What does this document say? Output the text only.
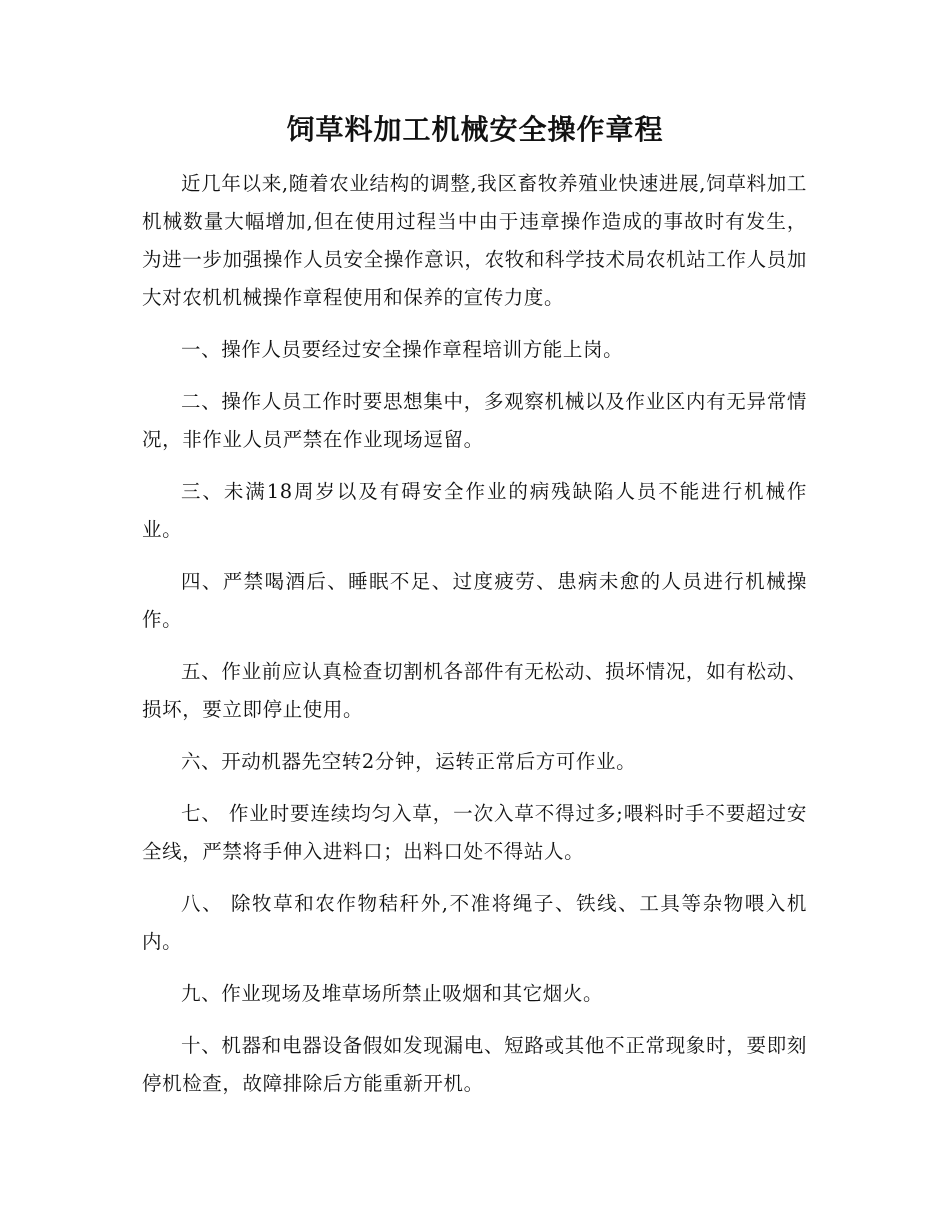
饲草料加工机械安全操作章程

近几年以来,随着农业结构的调整,我区畜牧养殖业快速进展,饲草料加工机械数量大幅增加,但在使用过程当中由于违章操作造成的事故时有发生，为进一步加强操作人员安全操作意识，农牧和科学技术局农机站工作人员加大对农机机械操作章程使用和保养的宣传力度。

一、操作人员要经过安全操作章程培训方能上岗。

二、操作人员工作时要思想集中，多观察机械以及作业区内有无异常情况，非作业人员严禁在作业现场逗留。

三、未满18周岁以及有碍安全作业的病残缺陷人员不能进行机械作业。

四、严禁喝酒后、睡眠不足、过度疲劳、患病未愈的人员进行机械操作。

五、作业前应认真检查切割机各部件有无松动、损坏情况，如有松动、损坏，要立即停止使用。

六、开动机器先空转2分钟，运转正常后方可作业。

七、 作业时要连续均匀入草，一次入草不得过多;喂料时手不要超过安全线，严禁将手伸入进料口；出料口处不得站人。

八、 除牧草和农作物秸秆外,不准将绳子、铁线、工具等杂物喂入机内。

九、作业现场及堆草场所禁止吸烟和其它烟火。

十、机器和电器设备假如发现漏电、短路或其他不正常现象时，要即刻停机检查，故障排除后方能重新开机。
